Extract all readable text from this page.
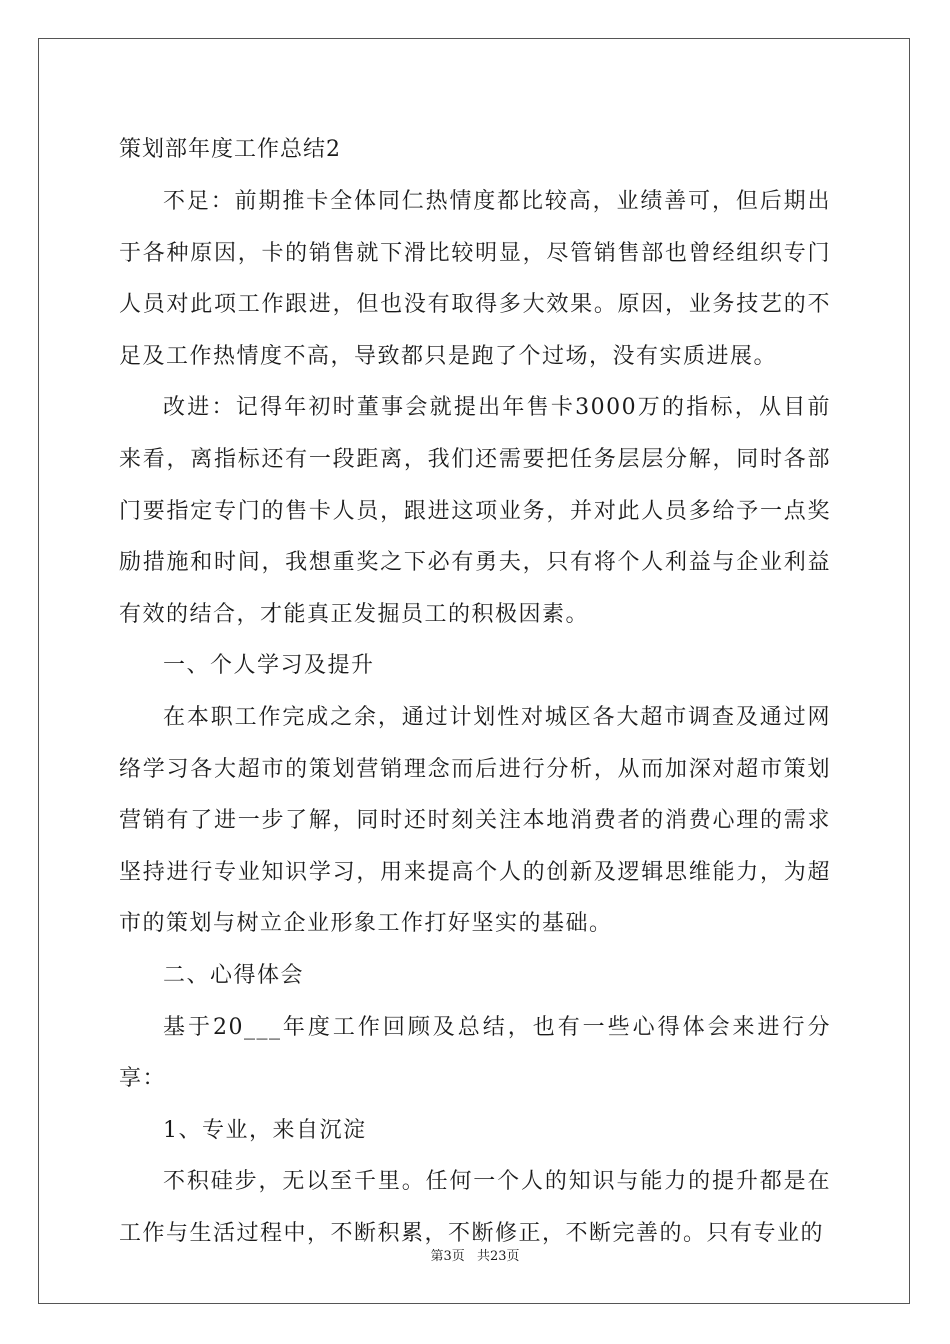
策划部年度工作总结2

不足：前期推卡全体同仁热情度都比较高，业绩善可，但后期出于各种原因，卡的销售就下滑比较明显，尽管销售部也曾经组织专门人员对此项工作跟进，但也没有取得多大效果。原因，业务技艺的不足及工作热情度不高，导致都只是跑了个过场，没有实质进展。

改进：记得年初时董事会就提出年售卡3000万的指标，从目前来看，离指标还有一段距离，我们还需要把任务层层分解，同时各部门要指定专门的售卡人员，跟进这项业务，并对此人员多给予一点奖励措施和时间，我想重奖之下必有勇夫，只有将个人利益与企业利益有效的结合，才能真正发掘员工的积极因素。

一、个人学习及提升

在本职工作完成之余，通过计划性对城区各大超市调查及通过网络学习各大超市的策划营销理念而后进行分析，从而加深对超市策划营销有了进一步了解，同时还时刻关注本地消费者的消费心理的需求坚持进行专业知识学习，用来提高个人的创新及逻辑思维能力，为超市的策划与树立企业形象工作打好坚实的基础。

二、心得体会

基于20___年度工作回顾及总结，也有一些心得体会来进行分享：

1、专业，来自沉淀

不积硅步，无以至千里。任何一个人的知识与能力的提升都是在工作与生活过程中，不断积累，不断修正，不断完善的。只有专业的

第3页 共23页
